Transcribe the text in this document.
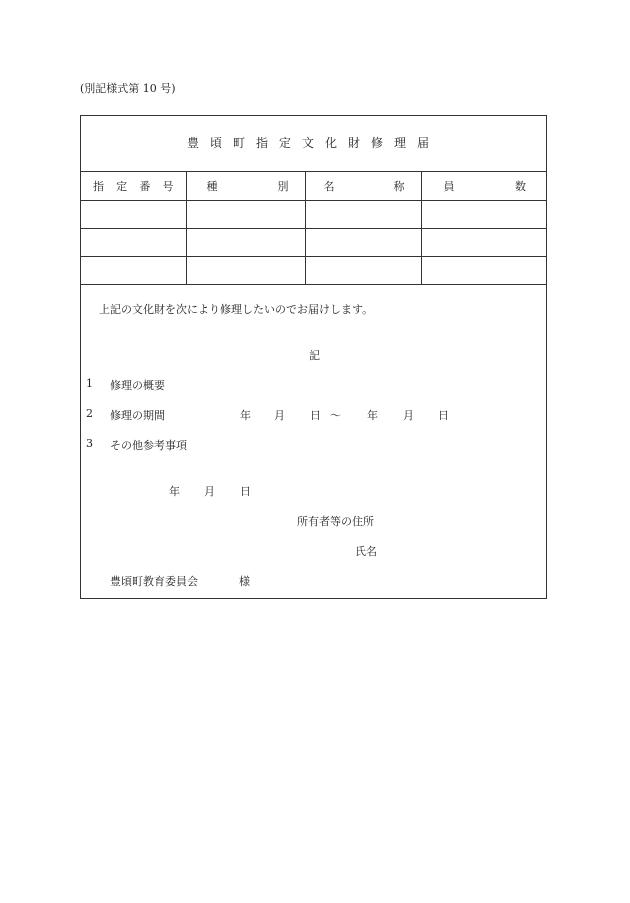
(別記様式第 10 号)
豊頃町指定文化財修理届
指 定 番 号	種 別	名 称	員 数

上記の文化財を次により修理したいのでお届けします。
記
1 修理の概要
2 修理の期間	年 月 日 〜 年 月 日
3 その他参考事項
年 月 日
所有者等の住所
氏名
豊頃町教育委員会	様
